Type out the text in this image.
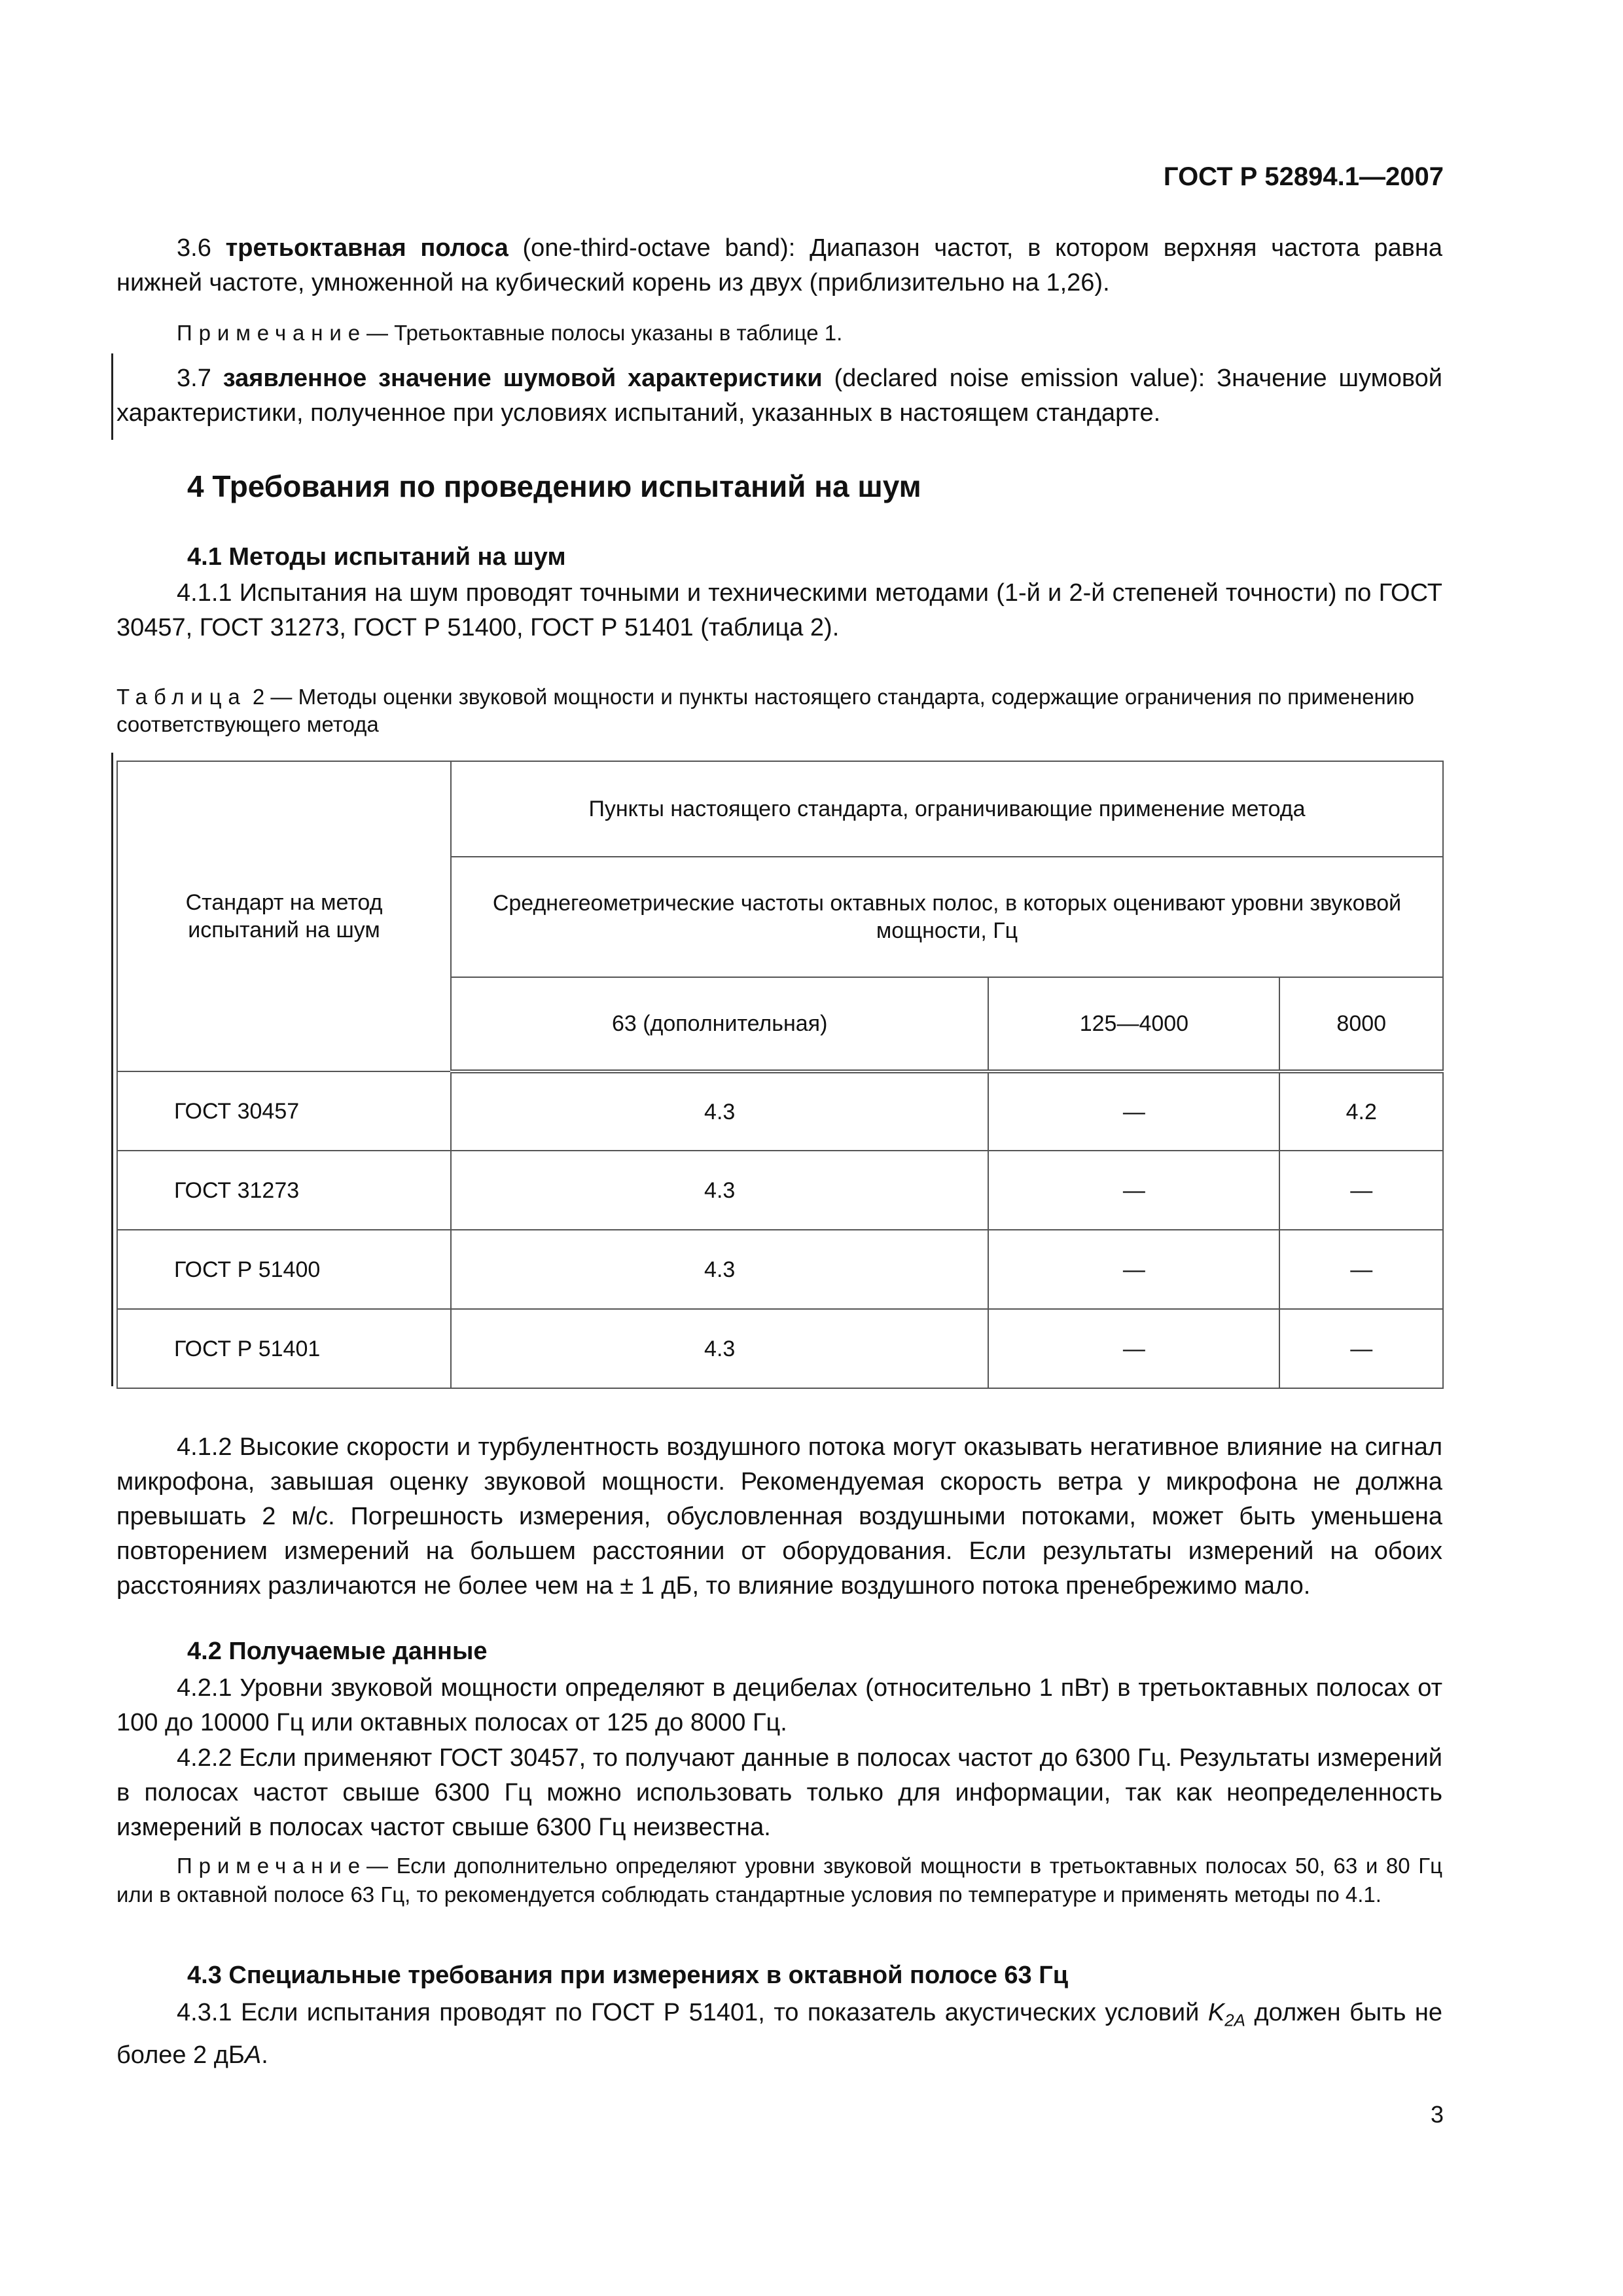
ГОСТ Р 52894.1—2007
3.6 третьоктавная полоса (one-third-octave band): Диапазон частот, в котором верхняя частота равна нижней частоте, умноженной на кубический корень из двух (приблизительно на 1,26).
Примечание— Третьоктавные полосы указаны в таблице 1.
3.7 заявленное значение шумовой характеристики (declared noise emission value): Значение шумовой характеристики, полученное при условиях испытаний, указанных в настоящем стандарте.
4 Требования по проведению испытаний на шум
4.1 Методы испытаний на шум
4.1.1 Испытания на шум проводят точными и техническими методами (1-й и 2-й степеней точности) по ГОСТ 30457, ГОСТ 31273, ГОСТ Р 51400, ГОСТ Р 51401 (таблица 2).
Таблица 2 — Методы оценки звуковой мощности и пункты настоящего стандарта, содержащие ограничения по применению соответствующего метода
Стандарт на метод испытаний на шум	Пункты настоящего стандарта, ограничивающие применение метода		
	Среднегеометрические частоты октавных полос, в которых оценивают уровни звуковой мощности, Гц		
	63 (дополнительная)	125—4000	8000
ГОСТ 30457	4.3	—	4.2
ГОСТ 31273	4.3	—	—
ГОСТ Р 51400	4.3	—	—
ГОСТ Р 51401	4.3	—	—
4.1.2 Высокие скорости и турбулентность воздушного потока могут оказывать негативное влияние на сигнал микрофона, завышая оценку звуковой мощности. Рекомендуемая скорость ветра у микрофона не должна превышать 2 м/с. Погрешность измерения, обусловленная воздушными потоками, может быть уменьшена повторением измерений на большем расстоянии от оборудования. Если результаты измерений на обоих расстояниях различаются не более чем на ± 1 дБ, то влияние воздушного потока пренебрежимо мало.
4.2 Получаемые данные
4.2.1 Уровни звуковой мощности определяют в децибелах (относительно 1 пВт) в третьоктавных полосах от 100 до 10000 Гц или октавных полосах от 125 до 8000 Гц.
4.2.2 Если применяют ГОСТ 30457, то получают данные в полосах частот до 6300 Гц. Результаты измерений в полосах частот свыше 6300 Гц можно использовать только для информации, так как неопределенность измерений в полосах частот свыше 6300 Гц неизвестна.
Примечание— Если дополнительно определяют уровни звуковой мощности в третьоктавных полосах 50, 63 и 80 Гц или в октавной полосе 63 Гц, то рекомендуется соблюдать стандартные условия по температуре и применять методы по 4.1.
4.3 Специальные требования при измерениях в октавной полосе 63 Гц
4.3.1 Если испытания проводят по ГОСТ Р 51401, то показатель акустических условий $K_{2A}$ должен быть не более 2 дБА.
3
